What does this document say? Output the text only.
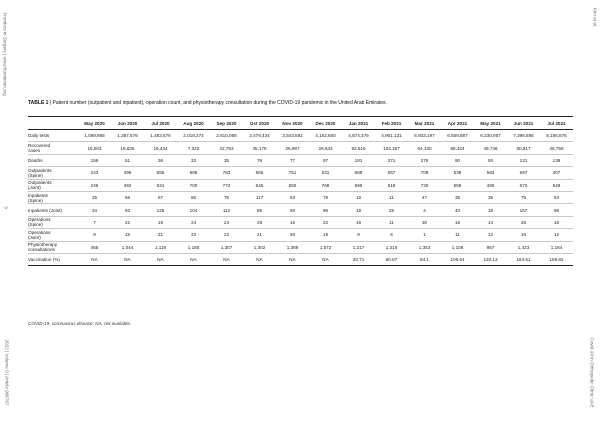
Frontiers in Surgery | www.frontiersin.org	Kim et al.
3
2022 | Volume 9 | Article 906767	Covid-19 in Orthopedic Clinic UAE
TABLE 1 | Patient number (outpatient and inpatient), operation count, and physiotherapy consultation during the COVID-19 pandemic in the United Arab Emirates.
	May 2020	Jun 2020	Jul 2020	Aug 2020	Sep 2020	Oct 2020	Nov 2020	Dec 2020	Jan 2021	Feb 2021	Mar 2021	Apr 2021	May 2021	Jun 2021	Jul 2021
Daily tests	1,089,866	1,357,576	1,483,576	2,018,274	2,610,068	3,479,434	3,543,581	4,162,600	4,874,379	4,901,131	6,933,197	6,509,867	6,230,067	7,396,685	8,186,876
Recovered
cases	15,503	19,635	16,434	7,022	22,793	45,178	25,997	29,543	92,516	104,267	64,130	55,424	49,746	60,917	46,756
Deaths	159	51	36	33	35	76	77	97	181	371	276	90	93	131	138
Outpatients
(Spine)	243	499	655	688	783	665	751	631	688	557	708	538	583	697	407
Outpatients
(Joint)	246	492	631	700	772	645	650	768	599	618	730	558	490	673	549
Inpatients
(Spine)	25	56	57	86	75	117	63	78	18	11	47	35	36	75	54
Inpatients (Joint)	34	93	125	104	112	85	92	96	18	25	4	40	18	157	96
Operations
(Spine)	7	22	19	24	24	29	16	22	16	11	30	18	14	25	18
Operations
(Joint)	9	15	21	23	22	21	20	18	9	6	1	11	12	18	12
Physiotherapy
consultations	455	1,044	1,119	1,165	1,307	1,302	1,389	1,572	1,217	1,216	1,353	1,106	957	1,423	1,184
Vaccination (%)	NA	NA	NA	NA	NA	NA	NA	NA	33.71	60.87	84.1	106.64	130.13	154.51	169.82
COVID-19, coronavirus disease; NA, not available.
